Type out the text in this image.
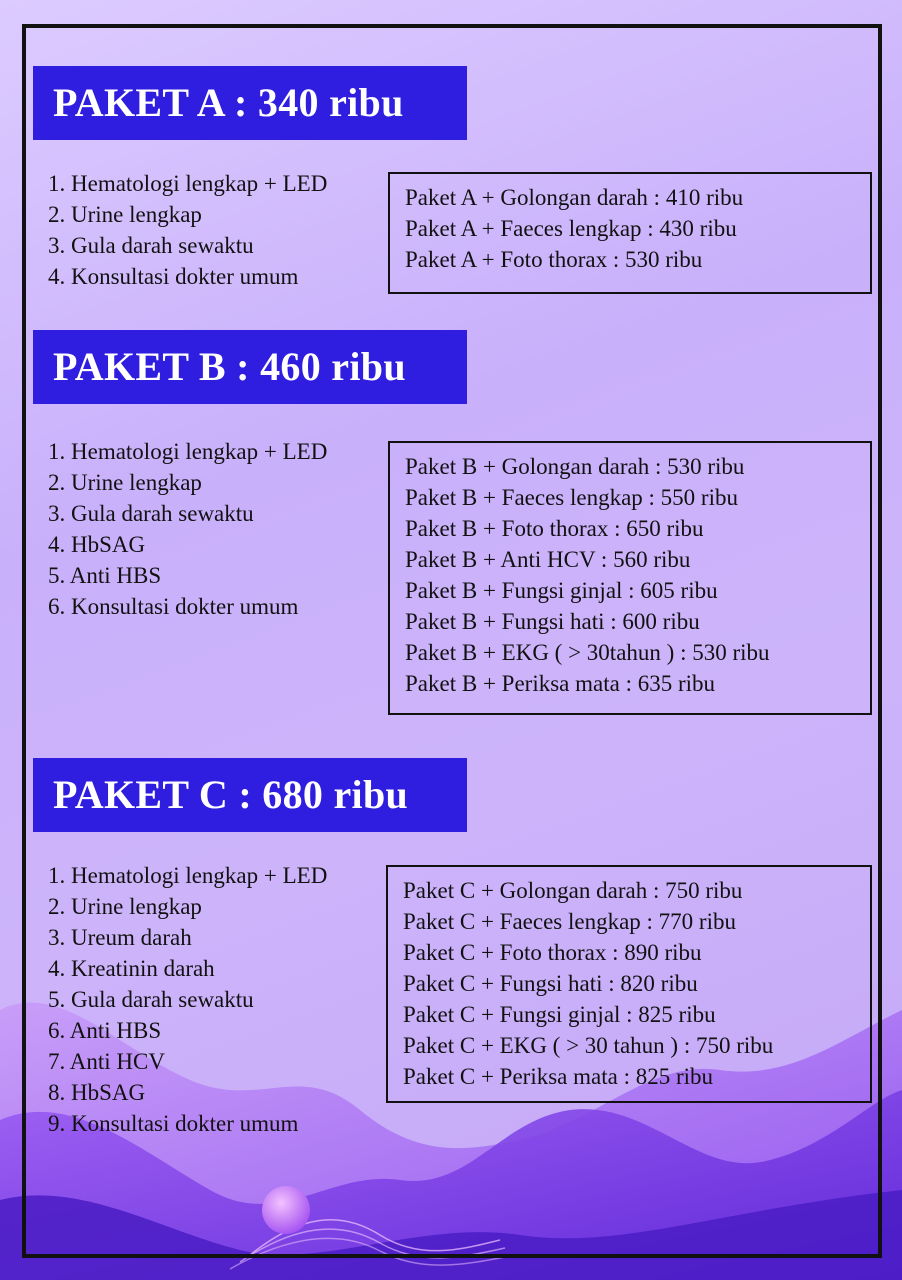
PAKET A : 340 ribu
1. Hematologi lengkap + LED
2. Urine lengkap
3. Gula darah sewaktu
4. Konsultasi dokter umum
Paket A + Golongan darah : 410 ribu
Paket A + Faeces lengkap : 430 ribu
Paket A + Foto thorax : 530 ribu
PAKET B : 460 ribu
1. Hematologi lengkap + LED
2. Urine lengkap
3. Gula darah sewaktu
4. HbSAG
5. Anti HBS
6. Konsultasi dokter umum
Paket B + Golongan darah : 530 ribu
Paket B + Faeces lengkap : 550 ribu
Paket B + Foto thorax : 650 ribu
Paket B + Anti HCV : 560 ribu
Paket B + Fungsi ginjal : 605 ribu
Paket B + Fungsi hati : 600 ribu
Paket B + EKG ( > 30tahun ) : 530 ribu
Paket B + Periksa mata : 635 ribu
PAKET C : 680 ribu
1. Hematologi lengkap + LED
2. Urine lengkap
3. Ureum darah
4. Kreatinin darah
5. Gula darah sewaktu
6. Anti HBS
7. Anti HCV
8. HbSAG
9. Konsultasi dokter umum
Paket C + Golongan darah : 750 ribu
Paket C + Faeces lengkap : 770 ribu
Paket C + Foto thorax : 890 ribu
Paket C + Fungsi hati : 820 ribu
Paket C + Fungsi ginjal : 825 ribu
Paket C + EKG ( > 30 tahun ) : 750 ribu
Paket C + Periksa mata : 825 ribu
